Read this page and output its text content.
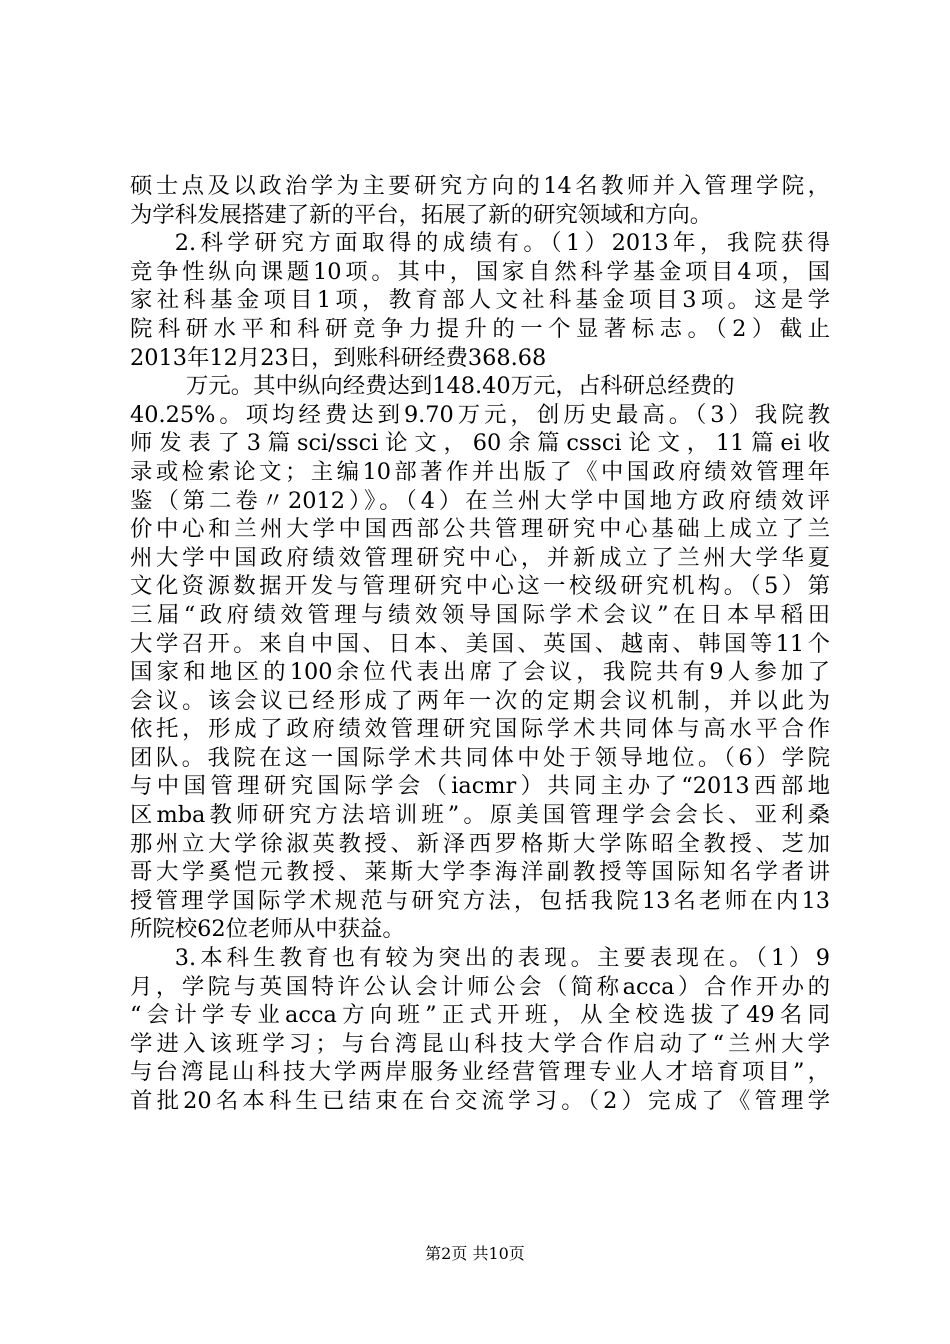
硕士点及以政治学为主要研究方向的14名教师并入管理学院，

为学科发展搭建了新的平台，拓展了新的研究领域和方向。

2.科学研究方面取得的成绩有。（1）2013年，我院获得

竞争性纵向课题10项。其中，国家自然科学基金项目4项，国

家社科基金项目1项，教育部人文社科基金项目3项。这是学

院科研水平和科研竞争力提升的一个显著标志。（2）截止

2013年12月23日，到账科研经费368.68

万元。其中纵向经费达到148.40万元，占科研总经费的

40.25%。项均经费达到9.70万元，创历史最高。（3）我院教

师发表了3篇sci/ssci论文，60余篇cssci论文，11篇ei收

录或检索论文；主编10部著作并出版了《中国政府绩效管理年

鉴（第二卷〃2012）》。（4）在兰州大学中国地方政府绩效评

价中心和兰州大学中国西部公共管理研究中心基础上成立了兰

州大学中国政府绩效管理研究中心，并新成立了兰州大学华夏

文化资源数据开发与管理研究中心这一校级研究机构。（5）第

三届“政府绩效管理与绩效领导国际学术会议”在日本早稻田

大学召开。来自中国、日本、美国、英国、越南、韩国等11个

国家和地区的100余位代表出席了会议，我院共有9人参加了

会议。该会议已经形成了两年一次的定期会议机制，并以此为

依托，形成了政府绩效管理研究国际学术共同体与高水平合作

团队。我院在这一国际学术共同体中处于领导地位。（6）学院

与中国管理研究国际学会（iacmr）共同主办了“2013西部地

区mba教师研究方法培训班”。原美国管理学会会长、亚利桑

那州立大学徐淑英教授、新泽西罗格斯大学陈昭全教授、芝加

哥大学奚恺元教授、莱斯大学李海洋副教授等国际知名学者讲

授管理学国际学术规范与研究方法，包括我院13名老师在内13

所院校62位老师从中获益。

3.本科生教育也有较为突出的表现。主要表现在。（1）9

月，学院与英国特许公认会计师公会（简称acca）合作开办的

“会计学专业acca方向班”正式开班，从全校选拔了49名同

学进入该班学习；与台湾昆山科技大学合作启动了“兰州大学

与台湾昆山科技大学两岸服务业经营管理专业人才培育项目”，

首批20名本科生已结束在台交流学习。（2）完成了《管理学

第2页 共10页
